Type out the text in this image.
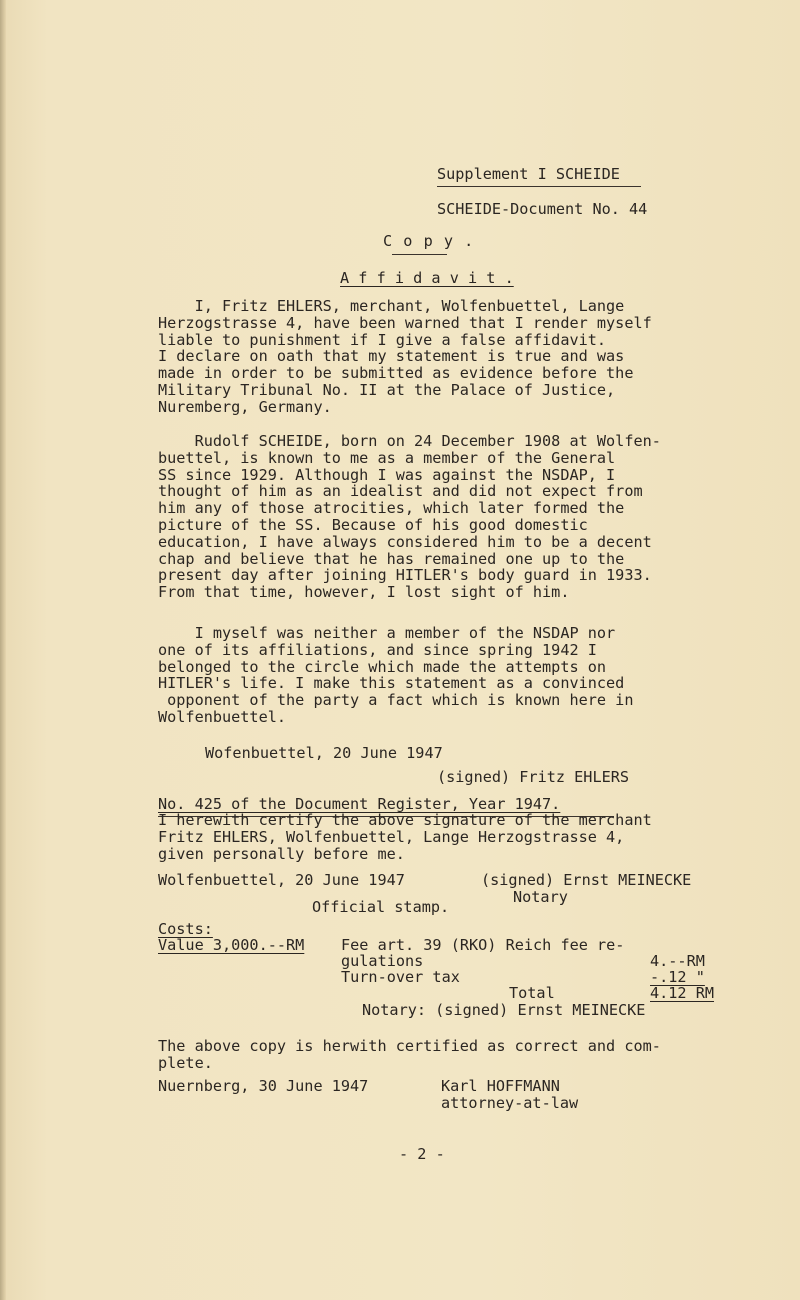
Supplement I SCHEIDE
SCHEIDE-Document No. 44
C o p y .
A f f i d a v i t .
I, Fritz EHLERS, merchant, Wolfenbuettel, Lange
Herzogstrasse 4, have been warned that I render myself
liable to punishment if I give a false affidavit.
I declare on oath that my statement is true and was
made in order to be submitted as evidence before the
Military Tribunal No. II at the Palace of Justice,
Nuremberg, Germany.
Rudolf SCHEIDE, born on 24 December 1908 at Wolfen-
buettel, is known to me as a member of the General
SS since 1929. Although I was against the NSDAP, I
thought of him as an idealist and did not expect from
him any of those atrocities, which later formed the
picture of the SS. Because of his good domestic
education, I have always considered him to be a decent
chap and believe that he has remained one up to the
present day after joining HITLER's body guard in 1933.
From that time, however, I lost sight of him.
I myself was neither a member of the NSDAP nor
one of its affiliations, and since spring 1942 I
belonged to the circle which made the attempts on
HITLER's life. I make this statement as a convinced
opponent of the party a fact which is known here in
Wolfenbuettel.
Wofenbuettel, 20 June 1947
(signed) Fritz EHLERS
No. 425 of the Document Register, Year 1947.
I herewith certify the above signature of the merchant
Fritz EHLERS, Wolfenbuettel, Lange Herzogstrasse 4,
given personally before me.
Wolfenbuettel, 20 June 1947	(signed) Ernst MEINECKE
Notary
Official stamp.
Costs:
Value 3,000.--RM Fee art. 39 (RKO) Reich fee re-
gulations	4.--RM
Turn-over tax	-.12 "
Total	4.12 RM
Notary: (signed) Ernst MEINECKE
The above copy is herwith certified as correct and com-
plete.
Nuernberg, 30 June 1947	Karl HOFFMANN
attorney-at-law
- 2 -
